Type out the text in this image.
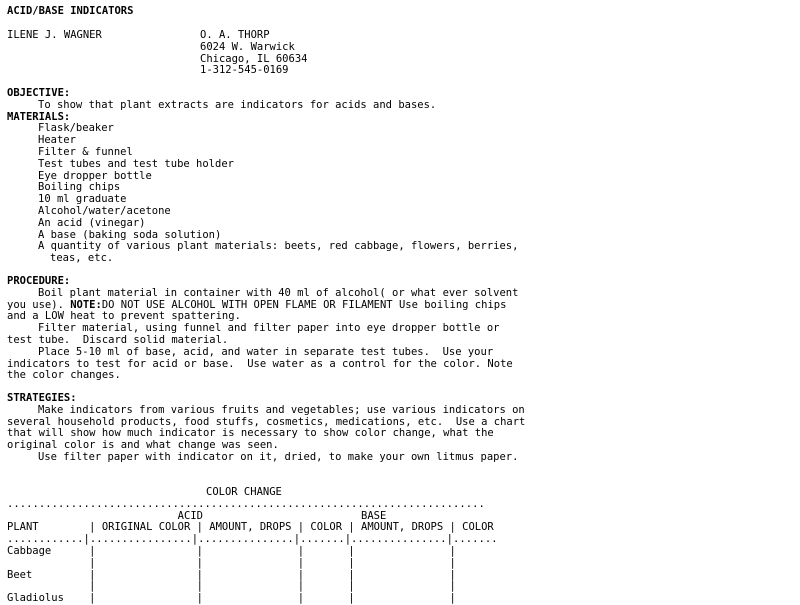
ACID/BASE INDICATORS
ILENE J. WAGNER	O. A. THORP
6024 W. Warwick
Chicago, IL 60634
1-312-545-0169
OBJECTIVE:
To show that plant extracts are indicators for acids and bases.
MATERIALS:
Flask/beaker
Heater
Filter & funnel
Test tubes and test tube holder
Eye dropper bottle
Boiling chips
10 ml graduate
Alcohol/water/acetone
An acid (vinegar)
A base (baking soda solution)
A quantity of various plant materials: beets, red cabbage, flowers, berries,
teas, etc.
PROCEDURE:
Boil plant material in container with 40 ml of alcohol( or what ever solvent
you use). NOTE:DO NOT USE ALCOHOL WITH OPEN FLAME OR FILAMENT Use boiling chips
and a LOW heat to prevent spattering.
Filter material, using funnel and filter paper into eye dropper bottle or
test tube.  Discard solid material.
Place 5-10 ml of base, acid, and water in separate test tubes.  Use your
indicators to test for acid or base.  Use water as a control for the color. Note
the color changes.
STRATEGIES:
Make indicators from various fruits and vegetables; use various indicators on
several household products, food stuffs, cosmetics, medications, etc.  Use a chart
that will show how much indicator is necessary to show color change, what the
original color is and what change was seen.
Use filter paper with indicator on it, dried, to make your own litmus paper.
COLOR CHANGE
...........................................................................
ACID                         BASE
PLANT        | ORIGINAL COLOR | AMOUNT, DROPS | COLOR | AMOUNT, DROPS | COLOR
............|................|...............|.......|...............|.......
Cabbage      |                |               |       |               |
|                |               |       |               |
Beet         |                |               |       |               |
|                |               |       |               |
Gladiolus    |                |               |       |               |
